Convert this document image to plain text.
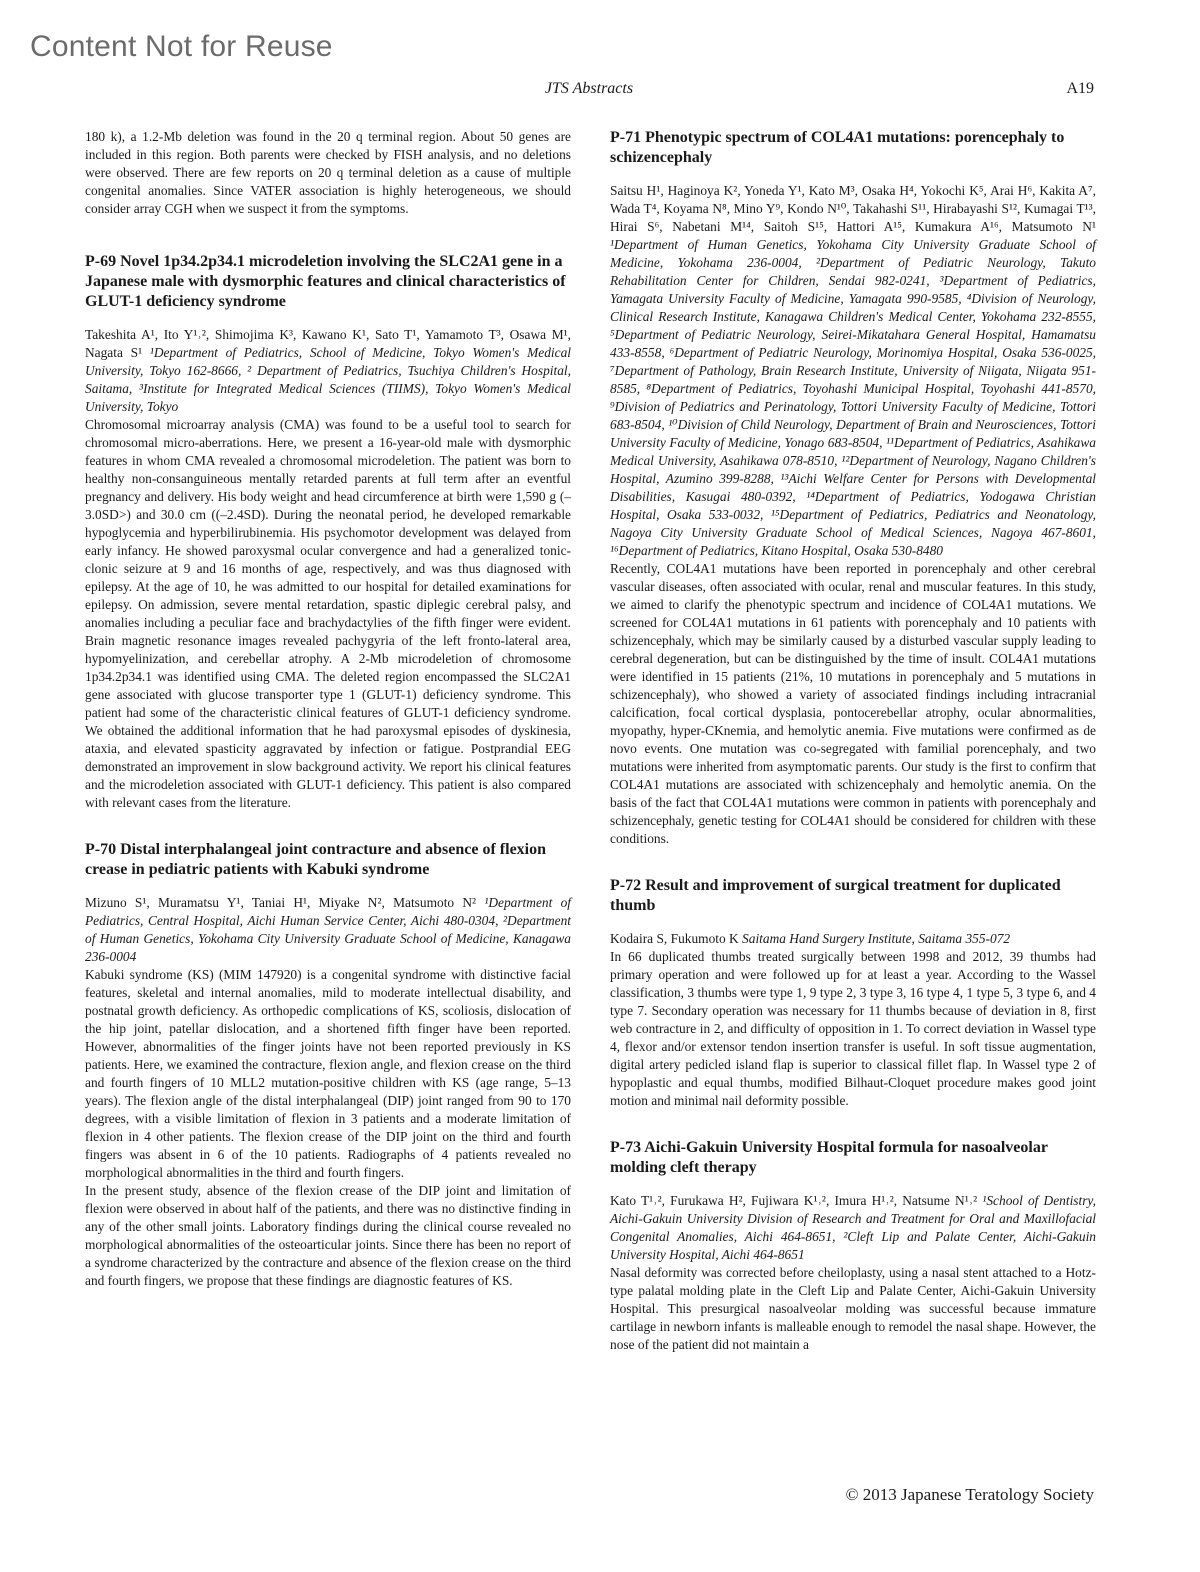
Content Not for Reuse
JTS Abstracts	A19

180 k), a 1.2-Mb deletion was found in the 20 q terminal region. About 50 genes are included in this region. Both parents were checked by FISH analysis, and no deletions were observed. There are few reports on 20 q terminal deletion as a cause of multiple congenital anomalies. Since VATER association is highly heterogeneous, we should consider array CGH when we suspect it from the symptoms.

P-69 Novel 1p34.2p34.1 microdeletion involving the SLC2A1 gene in a Japanese male with dysmorphic features and clinical characteristics of GLUT-1 deficiency syndrome

Takeshita A¹, Ito Y¹˒², Shimojima K³, Kawano K¹, Sato T¹, Yamamoto T³, Osawa M¹, Nagata S¹ ¹Department of Pediatrics, School of Medicine, Tokyo Women's Medical University, Tokyo 162-8666, ² Department of Pediatrics, Tsuchiya Children's Hospital, Saitama, ³Institute for Integrated Medical Sciences (TIIMS), Tokyo Women's Medical University, Tokyo

Chromosomal microarray analysis (CMA) was found to be a useful tool to search for chromosomal micro-aberrations. Here, we present a 16-year-old male with dysmorphic features in whom CMA revealed a chromosomal microdeletion. The patient was born to healthy non-consanguineous mentally retarded parents at full term after an eventful pregnancy and delivery. His body weight and head circumference at birth were 1,590 g (–3.0SD>) and 30.0 cm ((–2.4SD). During the neonatal period, he developed remarkable hypoglycemia and hyperbilirubinemia. His psychomotor development was delayed from early infancy. He showed paroxysmal ocular convergence and had a generalized tonic-clonic seizure at 9 and 16 months of age, respectively, and was thus diagnosed with epilepsy. At the age of 10, he was admitted to our hospital for detailed examinations for epilepsy. On admission, severe mental retardation, spastic diplegic cerebral palsy, and anomalies including a peculiar face and brachydactylies of the fifth finger were evident. Brain magnetic resonance images revealed pachygyria of the left fronto-lateral area, hypomyelinization, and cerebellar atrophy. A 2-Mb microdeletion of chromosome 1p34.2p34.1 was identified using CMA. The deleted region encompassed the SLC2A1 gene associated with glucose transporter type 1 (GLUT-1) deficiency syndrome. This patient had some of the characteristic clinical features of GLUT-1 deficiency syndrome. We obtained the additional information that he had paroxysmal episodes of dyskinesia, ataxia, and elevated spasticity aggravated by infection or fatigue. Postprandial EEG demonstrated an improvement in slow background activity. We report his clinical features and the microdeletion associated with GLUT-1 deficiency. This patient is also compared with relevant cases from the literature.

P-70 Distal interphalangeal joint contracture and absence of flexion crease in pediatric patients with Kabuki syndrome

Mizuno S¹, Muramatsu Y¹, Taniai H¹, Miyake N², Matsumoto N² ¹Department of Pediatrics, Central Hospital, Aichi Human Service Center, Aichi 480-0304, ²Department of Human Genetics, Yokohama City University Graduate School of Medicine, Kanagawa 236-0004

Kabuki syndrome (KS) (MIM 147920) is a congenital syndrome with distinctive facial features, skeletal and internal anomalies, mild to moderate intellectual disability, and postnatal growth deficiency. As orthopedic complications of KS, scoliosis, dislocation of the hip joint, patellar dislocation, and a shortened fifth finger have been reported. However, abnormalities of the finger joints have not been reported previously in KS patients. Here, we examined the contracture, flexion angle, and flexion crease on the third and fourth fingers of 10 MLL2 mutation-positive children with KS (age range, 5–13 years). The flexion angle of the distal interphalangeal (DIP) joint ranged from 90 to 170 degrees, with a visible limitation of flexion in 3 patients and a moderate limitation of flexion in 4 other patients. The flexion crease of the DIP joint on the third and fourth fingers was absent in 6 of the 10 patients. Radiographs of 4 patients revealed no morphological abnormalities in the third and fourth fingers.

In the present study, absence of the flexion crease of the DIP joint and limitation of flexion were observed in about half of the patients, and there was no distinctive finding in any of the other small joints. Laboratory findings during the clinical course revealed no morphological abnormalities of the osteoarticular joints. Since there has been no report of a syndrome characterized by the contracture and absence of the flexion crease on the third and fourth fingers, we propose that these findings are diagnostic features of KS.

P-71 Phenotypic spectrum of COL4A1 mutations: porencephaly to schizencephaly

Saitsu H¹, Haginoya K², Yoneda Y¹, Kato M³, Osaka H⁴, Yokochi K⁵, Arai H⁶, Kakita A⁷, Wada T⁴, Koyama N⁸, Mino Y⁹, Kondo N¹⁰, Takahashi S¹¹, Hirabayashi S¹², Kumagai T¹³, Hirai S⁶, Nabetani M¹⁴, Saitoh S¹⁵, Hattori A¹⁵, Kumakura A¹⁶, Matsumoto N¹ ¹Department of Human Genetics, Yokohama City University Graduate School of Medicine, Yokohama 236-0004, ²Department of Pediatric Neurology, Takuto Rehabilitation Center for Children, Sendai 982-0241, ³Department of Pediatrics, Yamagata University Faculty of Medicine, Yamagata 990-9585, ⁴Division of Neurology, Clinical Research Institute, Kanagawa Children's Medical Center, Yokohama 232-8555, ⁵Department of Pediatric Neurology, Seirei-Mikatahara General Hospital, Hamamatsu 433-8558, ⁶Department of Pediatric Neurology, Morinomiya Hospital, Osaka 536-0025, ⁷Department of Pathology, Brain Research Institute, University of Niigata, Niigata 951-8585, ⁸Department of Pediatrics, Toyohashi Municipal Hospital, Toyohashi 441-8570, ⁹Division of Pediatrics and Perinatology, Tottori University Faculty of Medicine, Tottori 683-8504, ¹⁰Division of Child Neurology, Department of Brain and Neurosciences, Tottori University Faculty of Medicine, Yonago 683-8504, ¹¹Department of Pediatrics, Asahikawa Medical University, Asahikawa 078-8510, ¹²Department of Neurology, Nagano Children's Hospital, Azumino 399-8288, ¹³Aichi Welfare Center for Persons with Developmental Disabilities, Kasugai 480-0392, ¹⁴Department of Pediatrics, Yodogawa Christian Hospital, Osaka 533-0032, ¹⁵Department of Pediatrics, Pediatrics and Neonatology, Nagoya City University Graduate School of Medical Sciences, Nagoya 467-8601, ¹⁶Department of Pediatrics, Kitano Hospital, Osaka 530-8480

Recently, COL4A1 mutations have been reported in porencephaly and other cerebral vascular diseases, often associated with ocular, renal and muscular features. In this study, we aimed to clarify the phenotypic spectrum and incidence of COL4A1 mutations. We screened for COL4A1 mutations in 61 patients with porencephaly and 10 patients with schizencephaly, which may be similarly caused by a disturbed vascular supply leading to cerebral degeneration, but can be distinguished by the time of insult. COL4A1 mutations were identified in 15 patients (21%, 10 mutations in porencephaly and 5 mutations in schizencephaly), who showed a variety of associated findings including intracranial calcification, focal cortical dysplasia, pontocerebellar atrophy, ocular abnormalities, myopathy, hyper-CKnemia, and hemolytic anemia. Five mutations were confirmed as de novo events. One mutation was co-segregated with familial porencephaly, and two mutations were inherited from asymptomatic parents. Our study is the first to confirm that COL4A1 mutations are associated with schizencephaly and hemolytic anemia. On the basis of the fact that COL4A1 mutations were common in patients with porencephaly and schizencephaly, genetic testing for COL4A1 should be considered for children with these conditions.

P-72 Result and improvement of surgical treatment for duplicated thumb

Kodaira S, Fukumoto K Saitama Hand Surgery Institute, Saitama 355-072

In 66 duplicated thumbs treated surgically between 1998 and 2012, 39 thumbs had primary operation and were followed up for at least a year. According to the Wassel classification, 3 thumbs were type 1, 9 type 2, 3 type 3, 16 type 4, 1 type 5, 3 type 6, and 4 type 7. Secondary operation was necessary for 11 thumbs because of deviation in 8, first web contracture in 2, and difficulty of opposition in 1. To correct deviation in Wassel type 4, flexor and/or extensor tendon insertion transfer is useful. In soft tissue augmentation, digital artery pedicled island flap is superior to classical fillet flap. In Wassel type 2 of hypoplastic and equal thumbs, modified Bilhaut-Cloquet procedure makes good joint motion and minimal nail deformity possible.

P-73 Aichi-Gakuin University Hospital formula for nasoalveolar molding cleft therapy

Kato T¹˒², Furukawa H², Fujiwara K¹˒², Imura H¹˒², Natsume N¹˒² ¹School of Dentistry, Aichi-Gakuin University Division of Research and Treatment for Oral and Maxillofacial Congenital Anomalies, Aichi 464-8651, ²Cleft Lip and Palate Center, Aichi-Gakuin University Hospital, Aichi 464-8651

Nasal deformity was corrected before cheiloplasty, using a nasal stent attached to a Hotz-type palatal molding plate in the Cleft Lip and Palate Center, Aichi-Gakuin University Hospital. This presurgical nasoalveolar molding was successful because immature cartilage in newborn infants is malleable enough to remodel the nasal shape. However, the nose of the patient did not maintain a

© 2013 Japanese Teratology Society
